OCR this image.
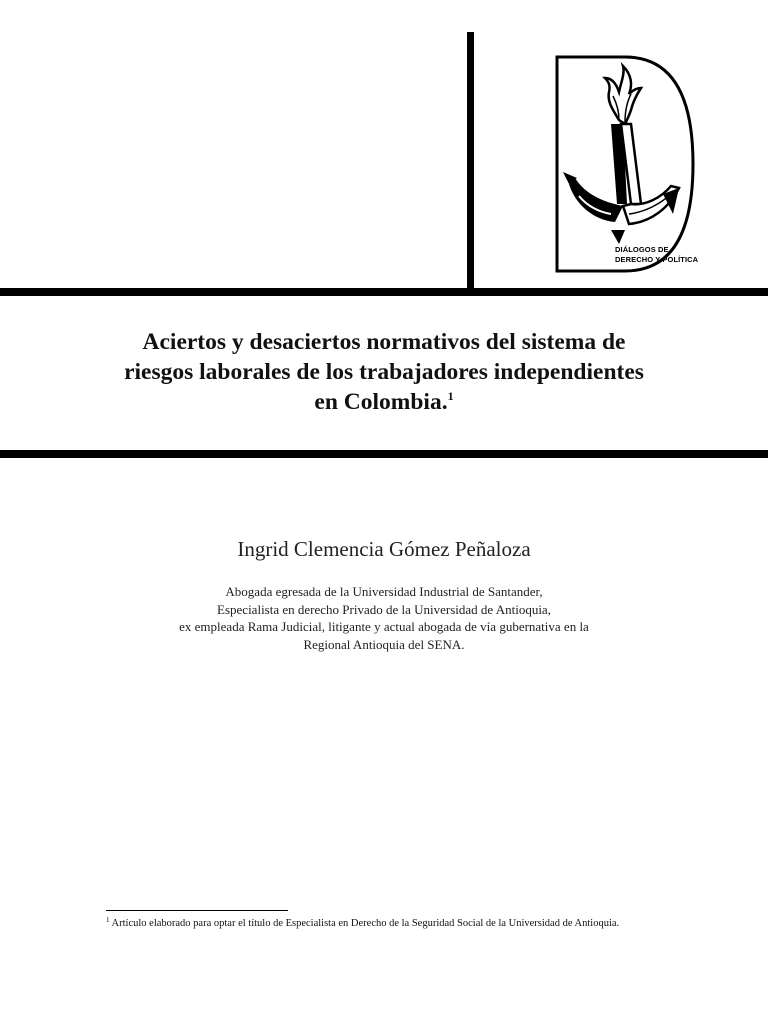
DIÁLOGOS DE
DERECHO Y POLÍTICA
Aciertos y desaciertos normativos del sistema de
riesgos laborales de los trabajadores independientes
en Colombia.$^1$
Ingrid Clemencia Gómez Peñaloza
Abogada egresada de la Universidad Industrial de Santander,
Especialista en derecho Privado de la Universidad de Antioquia,
ex empleada Rama Judicial, litigante y actual abogada de vía gubernativa en la
Regional Antioquia del SENA.
$^1$ Artículo elaborado para optar el título de Especialista en Derecho de la Seguridad Social de la Universidad de Antioquia.
